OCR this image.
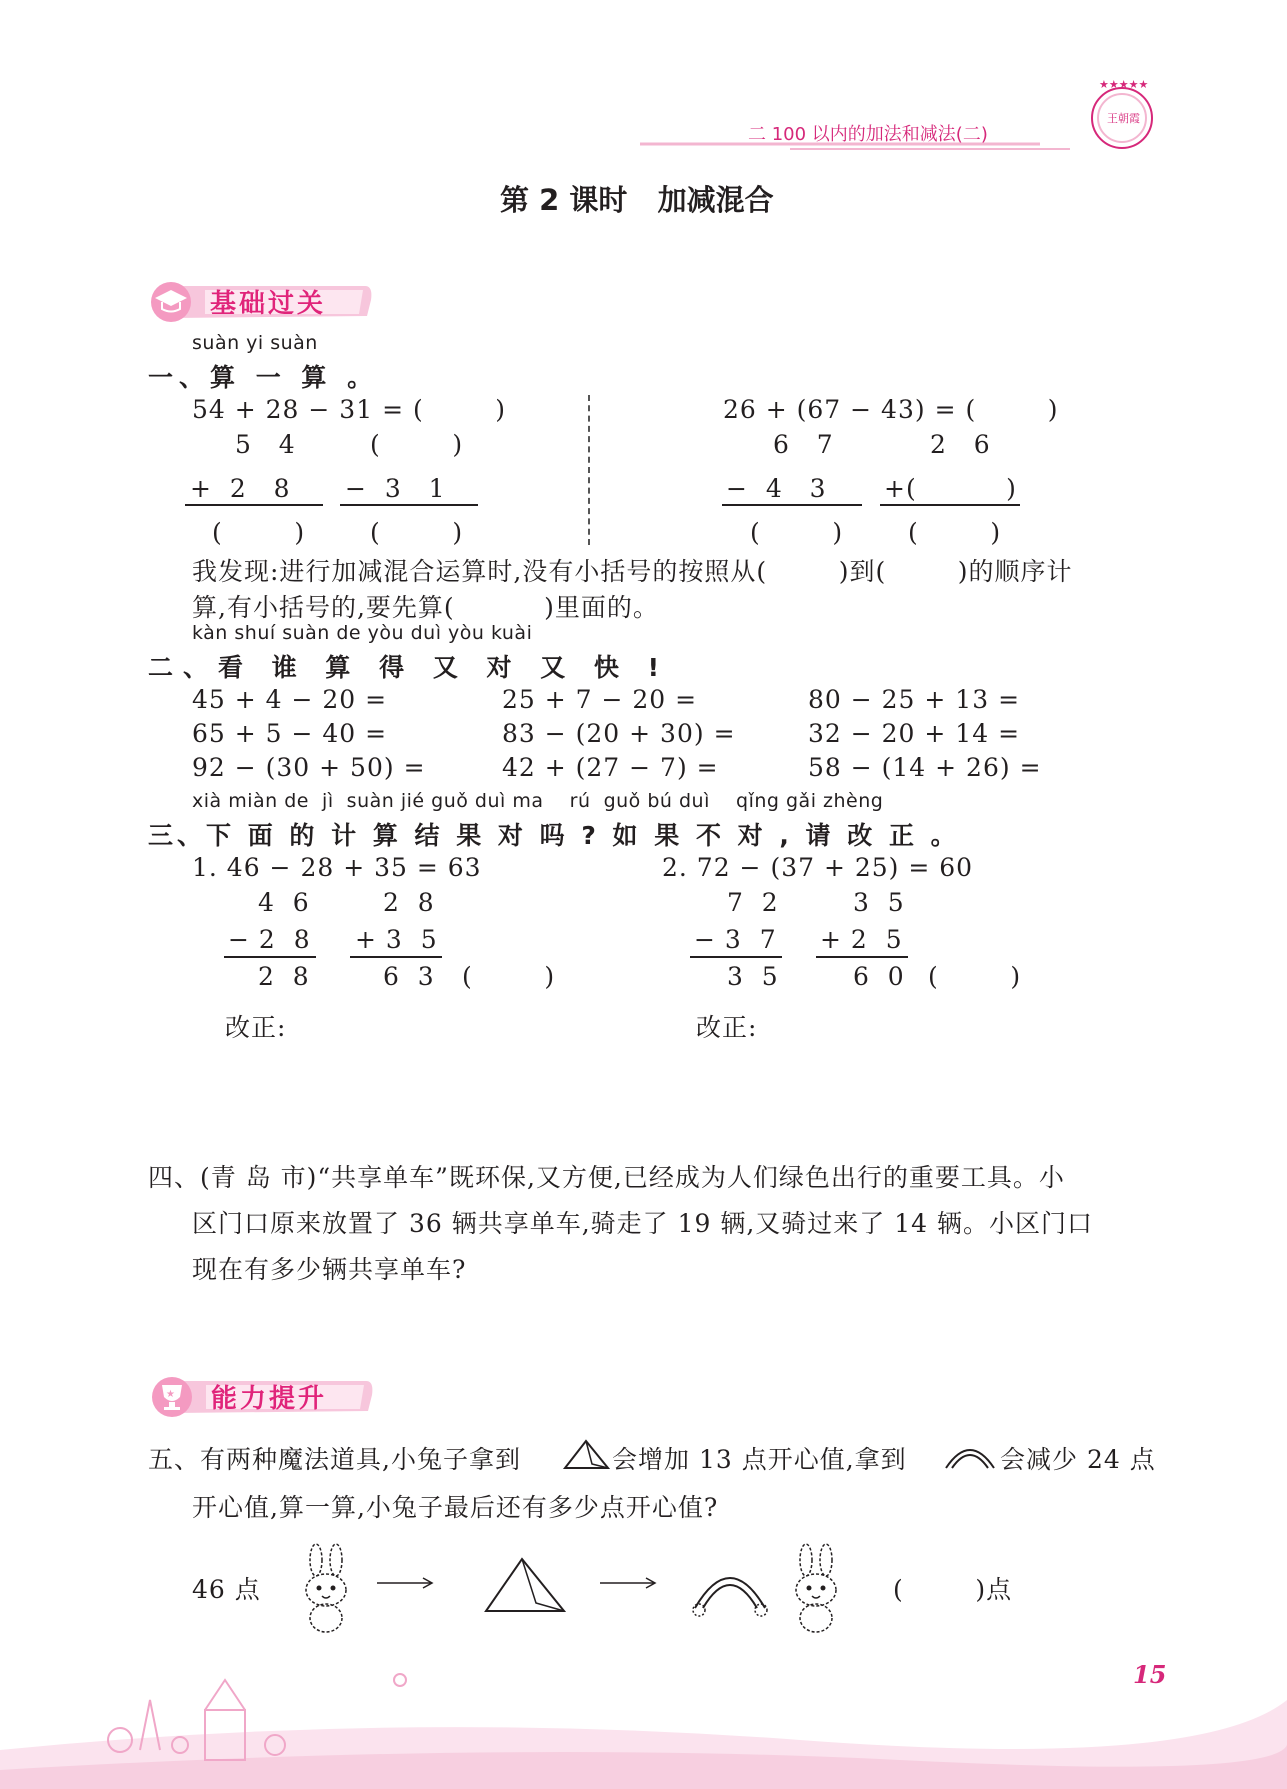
二 100 以内的加法和减法(二)
★★★★★
王朝霞
第 2 课时   加减混合
基础过关
suàn yi suàn
一、算 一 算 。
54 + 28 − 31 = (        )
5   4	(        )
+  2   8 −  3   1
(        )	(        )
26 + (67 − 43) = (        )
6   7	2   6
−  4   3 +(          )
(        )	(        )
我发现:进行加减混合运算时,没有小括号的按照从(        )到(        )的顺序计
算,有小括号的,要先算(          )里面的。
kàn shuí suàn de yòu duì yòu kuài
二、看 谁 算 得 又 对 又 快 !
45 + 4 − 20 =	25 + 7 − 20 =	80 − 25 + 13 =
65 + 5 − 40 =	83 − (20 + 30) =	32 − 20 + 14 =
92 − (30 + 50) =	42 + (27 − 7) =	58 − (14 + 26) =
xià miàn de  jì  suàn jié guǒ duì ma    rú  guǒ bú duì    qǐng gǎi zhèng
三、下 面 的 计 算 结 果 对 吗 ? 如 果 不 对 , 请 改 正 。
1. 46 − 28 + 35 = 63
4  6	2  8
− 2  8 + 3  5
2  8	6  3 (        )
改正:
2. 72 − (37 + 25) = 60
7  2	3  5
− 3  7 + 2  5
3  5	6  0 (        )
改正:
四、(青 岛 市)“共享单车”既环保,又方便,已经成为人们绿色出行的重要工具。小
区门口原来放置了 36 辆共享单车,骑走了 19 辆,又骑过来了 14 辆。小区门口
现在有多少辆共享单车?
★ 能力提升
五、有两种魔法道具,小兔子拿到	会增加 13 点开心值,拿到	会减少 24 点
开心值,算一算,小兔子最后还有多少点开心值?
46 点	(        )点
15
